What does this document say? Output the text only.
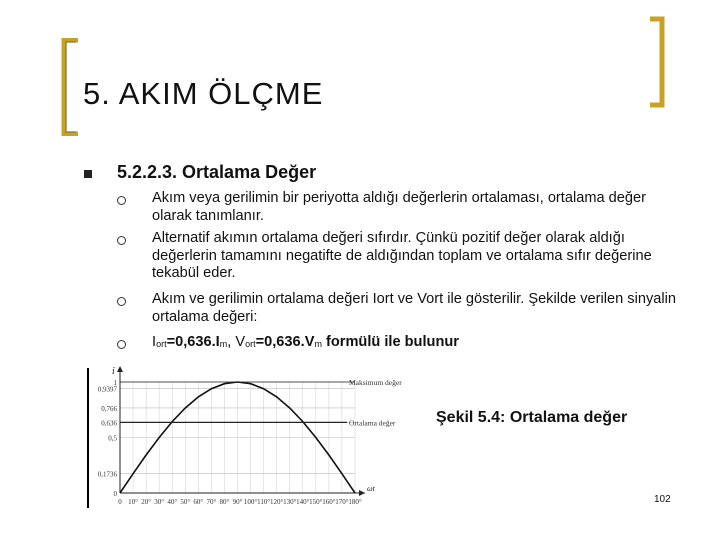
5. AKIM ÖLÇME
5.2.2.3. Ortalama Değer
Akım veya gerilimin bir periyotta aldığı değerlerin ortalaması, ortalama değer olarak tanımlanır.
Alternatif akımın ortalama değeri sıfırdır. Çünkü pozitif değer olarak aldığı değerlerin tamamını negatifte de aldığından toplam ve ortalama sıfır değerine tekabül eder.
Akım ve gerilimin ortalama değeri Iort ve Vort ile gösterilir. Şekilde verilen sinyalin ortalama değeri:
$I_{ort}=0,636.I_m$, $V_{ort}=0,636.V_m$ formülü ile bulunur
1
0,9397
0,766
0,636
0,5
0,1736
0
0 10° 20° 30° 40° 50° 60° 70° 80° 90° 100° 110° 120° 130° 140° 150° 160° 170° 180°
i
ωt
Maksimum değer
Ortalama değer	Şekil 5.4: Ortalama değer
102
